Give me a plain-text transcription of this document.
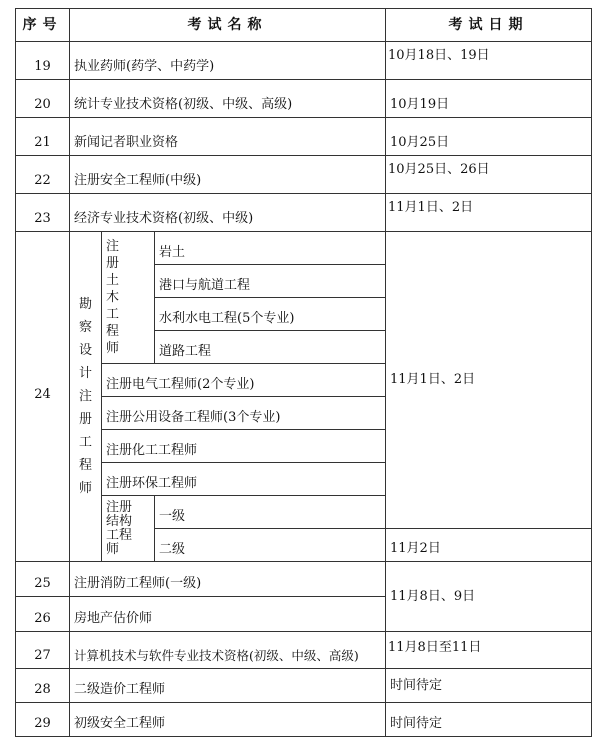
序号	考试名称			考试日期
19	执业药师(药学、中药学)			10月18日、19日
20	统计专业技术资格(初级、中级、高级)			10月19日
21	新闻记者职业资格			10月25日
22	注册安全工程师(中级)			10月25日、26日
23	经济专业技术资格(初级、中级)			11月1日、2日
24	勘察设计注册工程师	注册土木工程师	岩土	11月1日、2日
			港口与航道工程	
			水利水电工程(5个专业)	
			道路工程	
		注册电气工程师(2个专业)		
		注册公用设备工程师(3个专业)		
		注册化工工程师		
		注册环保工程师		

		注册结构工程师	一级	
			二级	11月2日
25	注册消防工程师(一级)			11月8日、9日
26	房地产估价师			
27	计算机技术与软件专业技术资格(初级、中级、高级)			11月8日至11日
28	二级造价工程师			时间待定
29	初级安全工程师			时间待定
